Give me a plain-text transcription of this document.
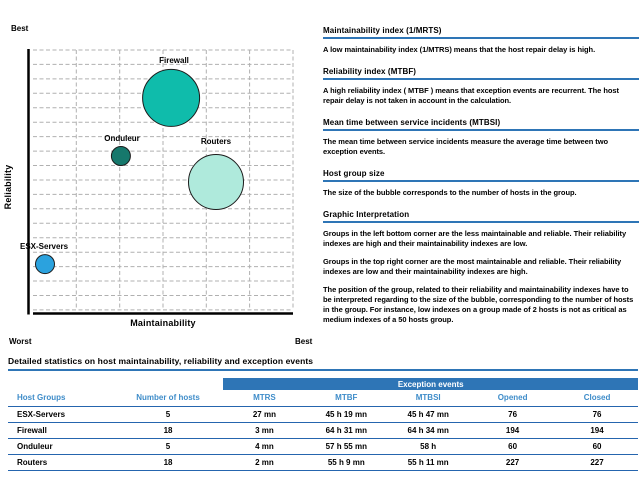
ESX-Servers
Onduleur
Firewall
Routers
Best
Worst	Best
Maintainability
Reliability
Maintainability index (1/MRTS)

A low maintainability index (1/MTRS) means that the host repair delay is high.

Reliability index (MTBF)

A high reliability index ( MTBF ) means that exception events are recurrent. The host repair delay is not taken in account in the calculation.

Mean time between service incidents (MTBSI)

The mean time between service incidents measure the average time between two exception events.

Host group size

The size of the bubble corresponds to the number of hosts in the group.

Graphic Interpretation

Groups in the left bottom corner are the less maintainable and reliable. Their reliability indexes are high and their maintainability indexes are low.

Groups in the top right corner are the most maintainable and reliable. Their reliability indexes are low and their maintainability indexes are high.

The position of the group, related to their reliability and maintainability indexes have to be interpreted regarding to the size of the bubble, corresponding to the number of hosts in the group. For instance, low indexes on a group made of 2 hosts is not as critical as medium indexes of a 50 hosts group.

Detailed statistics on host maintainability, reliability and exception events
		Exception events				
Host Groups	Number of hosts	MTRS	MTBF	MTBSI	Opened	Closed
ESX-Servers	5	27 mn	45 h 19 mn	45 h 47 mn	76	76
Firewall	18	3 mn	64 h 31 mn	64 h 34 mn	194	194
Onduleur	5	4 mn	57 h 55 mn	58 h	60	60
Routers	18	2 mn	55 h 9 mn	55 h 11 mn	227	227
